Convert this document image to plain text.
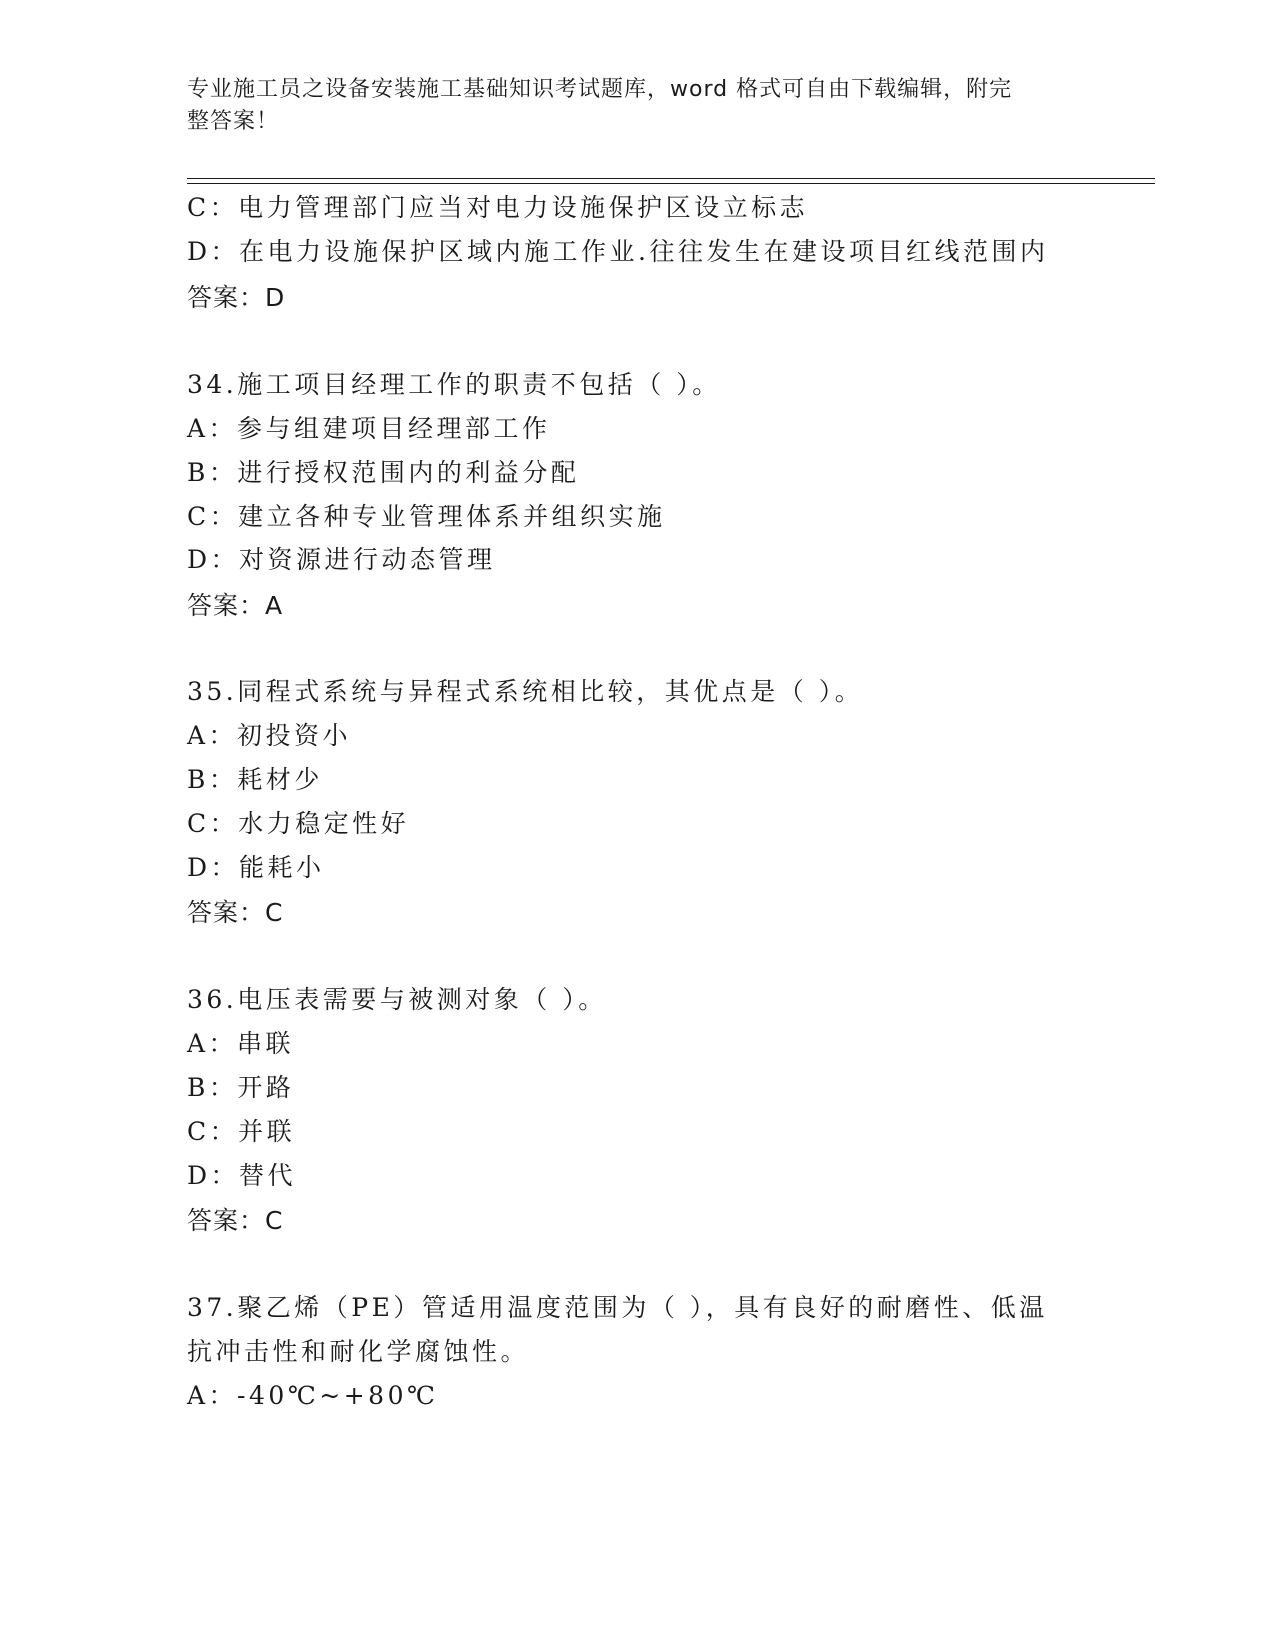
专业施工员之设备安装施工基础知识考试题库，word 格式可自由下载编辑，附完
整答案！
C：电力管理部门应当对电力设施保护区设立标志
D：在电力设施保护区域内施工作业.往往发生在建设项目红线范围内
答案：D
34.施工项目经理工作的职责不包括（ ）。
A：参与组建项目经理部工作
B：进行授权范围内的利益分配
C：建立各种专业管理体系并组织实施
D：对资源进行动态管理
答案：A
35.同程式系统与异程式系统相比较，其优点是（ ）。
A：初投资小
B：耗材少
C：水力稳定性好
D：能耗小
答案：C
36.电压表需要与被测对象（ ）。
A：串联
B：开路
C：并联
D：替代
答案：C
37.聚乙烯（PE）管适用温度范围为（ ），具有良好的耐磨性、低温
抗冲击性和耐化学腐蚀性。
A：-40℃~+80℃
